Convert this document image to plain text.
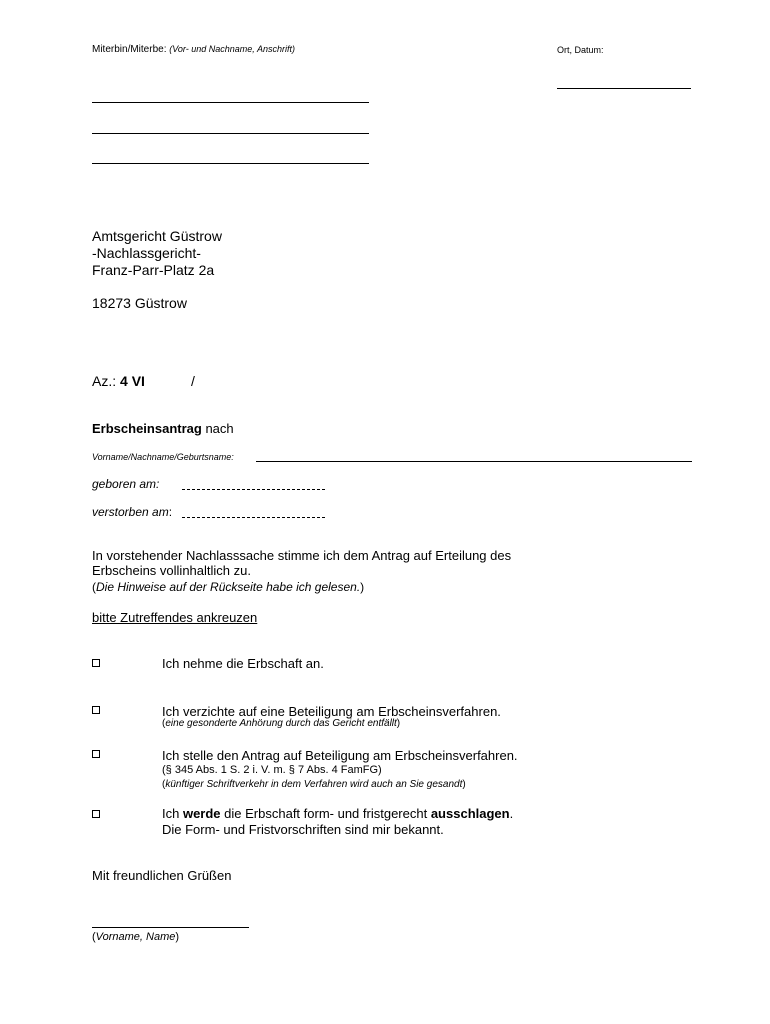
Miterbin/Miterbe: (Vor- und Nachname, Anschrift)	Ort, Datum:
Amtsgericht Güstrow
-Nachlassgericht-
Franz-Parr-Platz 2a
18273 Güstrow
Az.: 4 VI	/
Erbscheinsantrag nach
Vorname/Nachname/Geburtsname:
geboren am:
verstorben am:
In vorstehender Nachlasssache stimme ich dem Antrag auf Erteilung des
Erbscheins vollinhaltlich zu.
(Die Hinweise auf der Rückseite habe ich gelesen.)
bitte Zutreffendes ankreuzen
Ich nehme die Erbschaft an.
Ich verzichte auf eine Beteiligung am Erbscheinsverfahren.
(eine gesonderte Anhörung durch das Gericht entfällt)
Ich stelle den Antrag auf Beteiligung am Erbscheinsverfahren.
(§ 345 Abs. 1 S. 2 i. V. m. § 7 Abs. 4 FamFG)
(künftiger Schriftverkehr in dem Verfahren wird auch an Sie gesandt)
Ich werde die Erbschaft form- und fristgerecht ausschlagen.
Die Form- und Fristvorschriften sind mir bekannt.
Mit freundlichen Grüßen
(Vorname, Name)
